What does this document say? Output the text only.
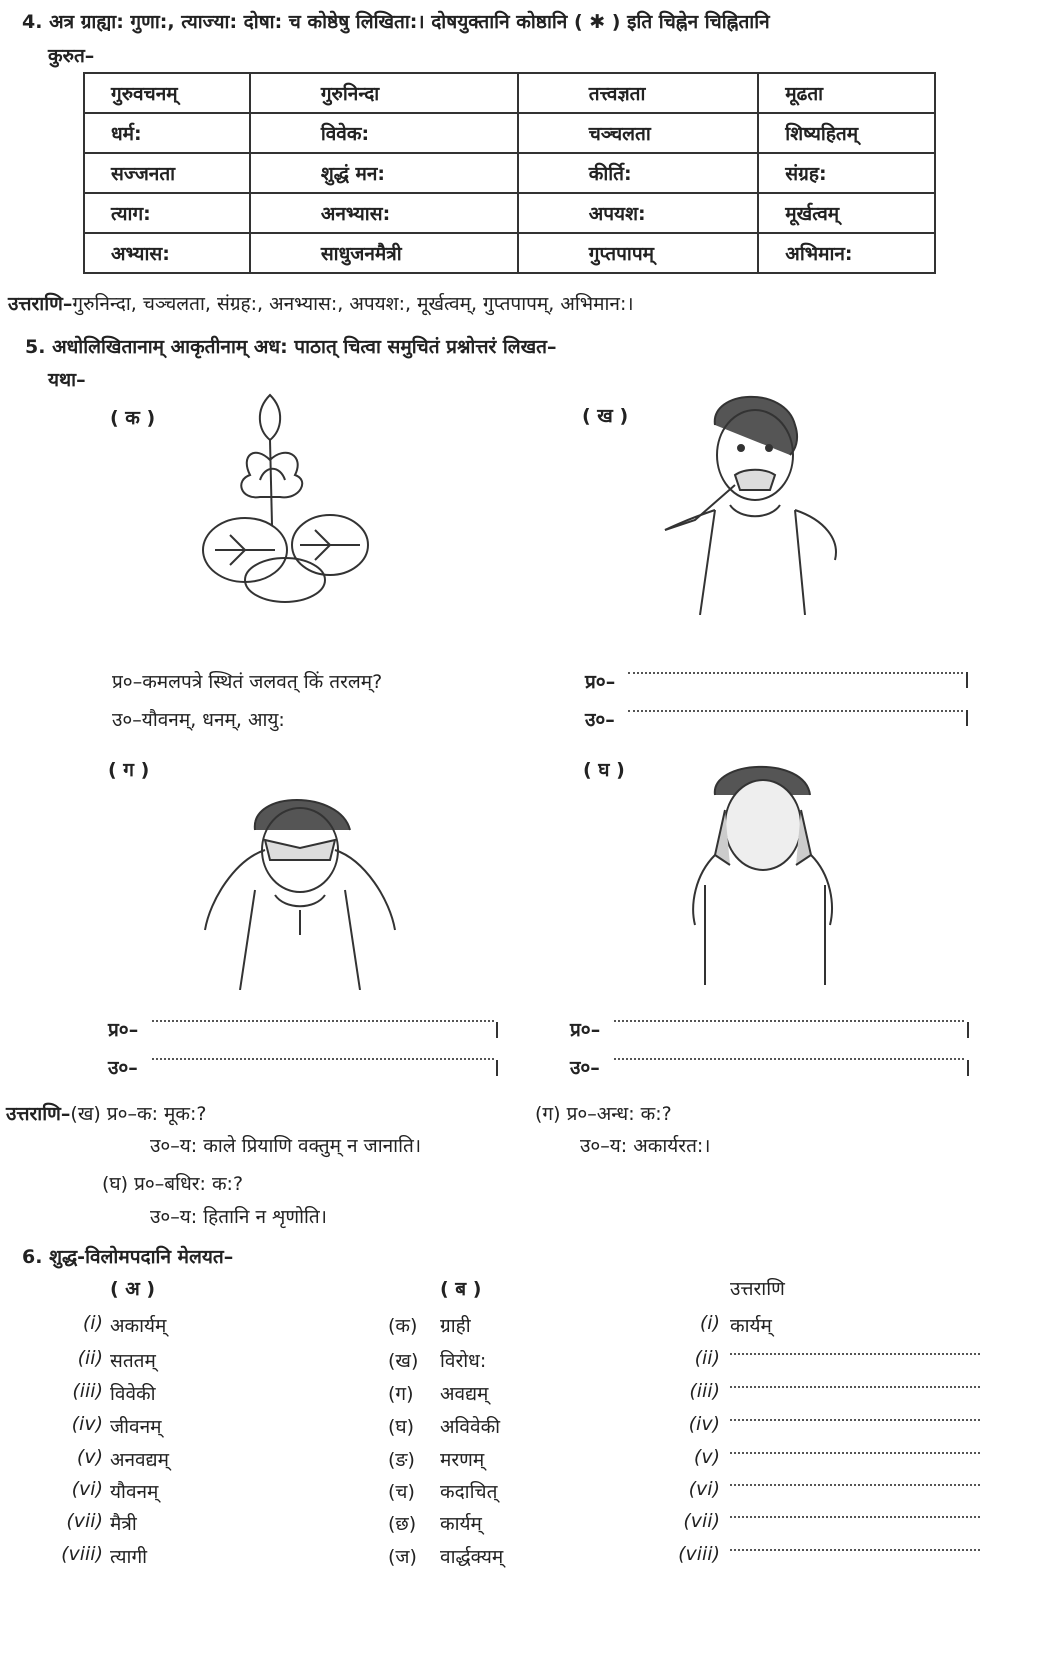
4. अत्र ग्राह्या: गुणा:, त्याज्या: दोषा: च कोष्ठेषु लिखिता:। दोषयुक्तानि कोष्ठानि ( ✱ ) इति चिह्नेन चिह्नितानि
कुरुत–
गुरुवचनम्	गुरुनिन्दा	तत्त्वज्ञता	मूढता
धर्म:	विवेक:	चञ्चलता	शिष्यहितम्
सज्जनता	शुद्धं मन:	कीर्ति:	संग्रह:
त्याग:	अनभ्यास:	अपयश:	मूर्खत्वम्
अभ्यास:	साधुजनमैत्री	गुप्तपापम्	अभिमान:
उत्तराणि–गुरुनिन्दा, चञ्चलता, संग्रह:, अनभ्यास:, अपयश:, मूर्खत्वम्, गुप्तपापम्, अभिमान:।
5. अधोलिखितानाम् आकृतीनाम् अध: पाठात् चित्वा समुचितं प्रश्नोत्तरं लिखत–
यथा–
( क )	( ख )
( ग )	( घ )
प्र०–कमलपत्रे स्थितं जलवत् किं तरलम्?
उ०–यौवनम्, धनम्, आयु:
प्र०–
उ०–
प्र०–
उ०–
प्र०–
उ०–
उत्तराणि–(ख) प्र०–क: मूक:?
उ०–य: काले प्रियाणि वक्तुम् न जानाति।
(ग) प्र०–अन्ध: क:?
उ०–य: अकार्यरत:।
(घ) प्र०–बधिर: क:?
उ०–य: हितानि न शृणोति।
6. शुद्ध-विलोमपदानि मेलयत–
( अ )	( ब )	उत्तराणि
(i) अकार्यम्	(क) ग्राही	(i) कार्यम्
(ii) सततम्	(ख) विरोध:	(ii)
(iii) विवेकी	(ग) अवद्यम्	(iii)
(iv) जीवनम्	(घ) अविवेकी	(iv)
(v) अनवद्यम्	(ङ) मरणम्	(v)
(vi) यौवनम्	(च) कदाचित्	(vi)
(vii) मैत्री	(छ) कार्यम्	(vii)
(viii) त्यागी	(ज) वार्द्धक्यम्	(viii)
